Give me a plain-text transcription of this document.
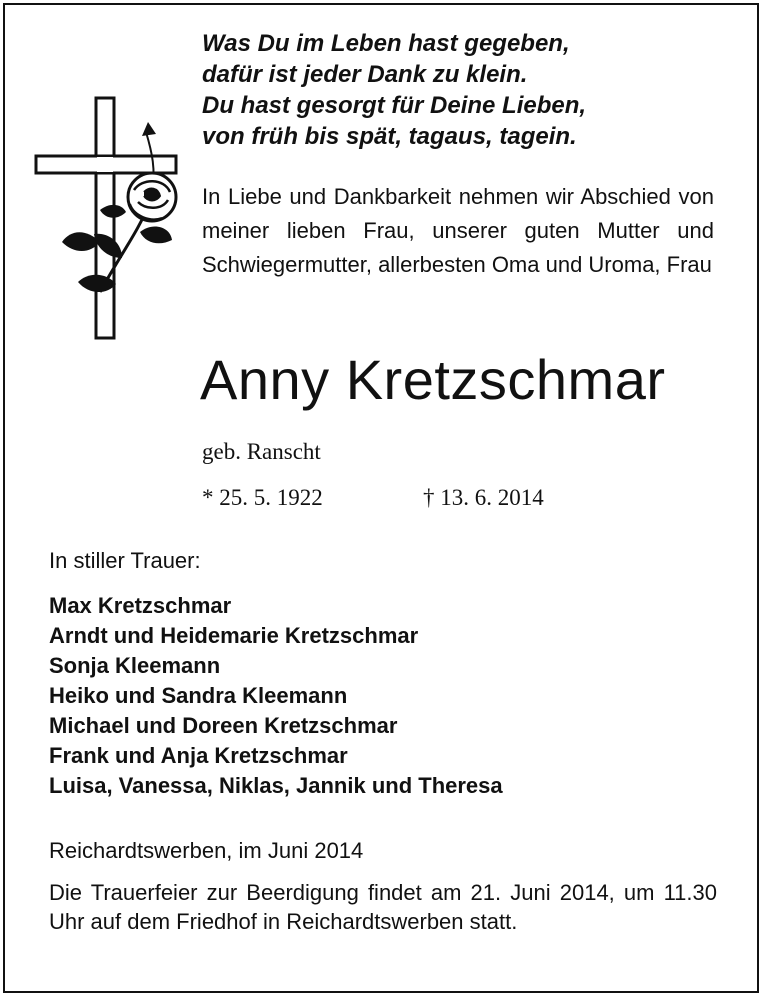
Was Du im Leben hast gegeben,
dafür ist jeder Dank zu klein.
Du hast gesorgt für Deine Lieben,
von früh bis spät, tagaus, tagein.

In Liebe und Dankbarkeit nehmen wir Abschied von meiner lieben Frau, unserer guten Mutter und Schwiegermutter, allerbesten Oma und Uroma, Frau

Anny Kretzschmar
geb. Ranscht
* 25. 5. 1922	† 13. 6. 2014
In stiller Trauer:
Max Kretzschmar
Arndt und Heidemarie Kretzschmar
Sonja Kleemann
Heiko und Sandra Kleemann
Michael und Doreen Kretzschmar
Frank und Anja Kretzschmar
Luisa, Vanessa, Niklas, Jannik und Theresa
Reichardtswerben, im Juni 2014

Die Trauerfeier zur Beerdigung findet am 21. Juni 2014, um 11.30 Uhr auf dem Friedhof in Reichardtswerben statt.
